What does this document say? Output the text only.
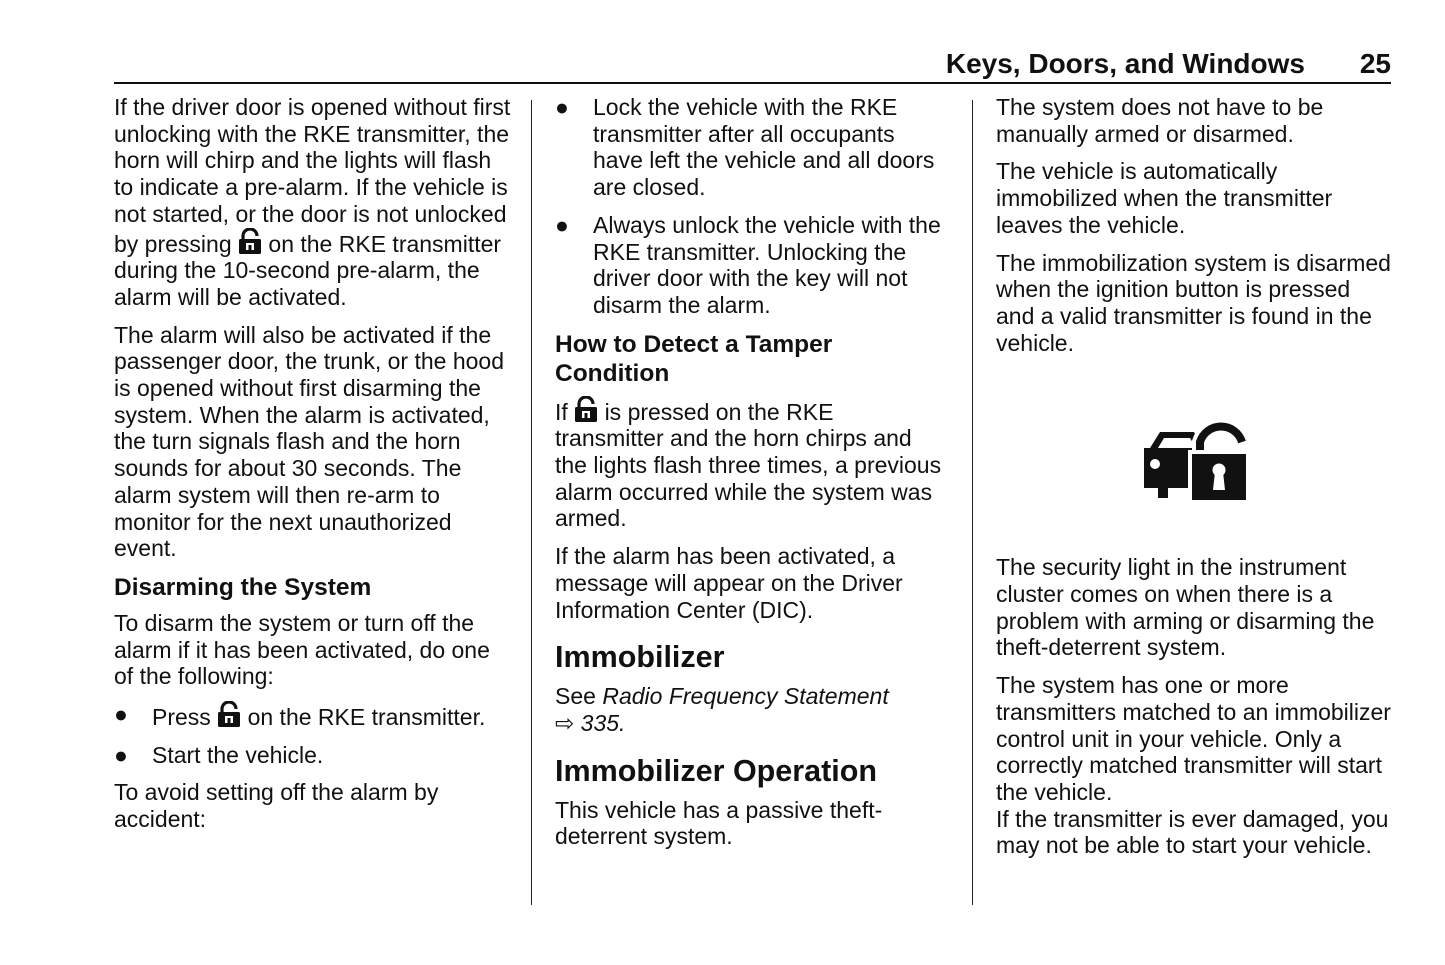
Keys, Doors, and Windows 25

If the driver door is opened without first unlocking with the RKE transmitter, the horn will chirp and the lights will flash to indicate a pre-alarm. If the vehicle is not started, or the door is not unlocked by pressing on the RKE transmitter during the 10-second pre-alarm, the alarm will be activated.

The alarm will also be activated if the passenger door, the trunk, or the hood is opened without first disarming the system. When the alarm is activated, the turn signals flash and the horn sounds for about 30 seconds. The alarm system will then re-arm to monitor for the next unauthorized event.

Disarming the System

To disarm the system or turn off the alarm if it has been activated, do one of the following:

● Press on the RKE transmitter.
● Start the vehicle.

To avoid setting off the alarm by accident:

● Lock the vehicle with the RKE transmitter after all occupants have left the vehicle and all doors are closed.
● Always unlock the vehicle with the RKE transmitter. Unlocking the driver door with the key will not disarm the alarm.
How to Detect a Tamper Condition

If is pressed on the RKE transmitter and the horn chirps and the lights flash three times, a previous alarm occurred while the system was armed.

If the alarm has been activated, a message will appear on the Driver Information Center (DIC).

Immobilizer

See Radio Frequency Statement
⇨ 335.

Immobilizer Operation

This vehicle has a passive theft-deterrent system.

The system does not have to be manually armed or disarmed.

The vehicle is automatically immobilized when the transmitter leaves the vehicle.

The immobilization system is disarmed when the ignition button is pressed and a valid transmitter is found in the vehicle.

The security light in the instrument cluster comes on when there is a problem with arming or disarming the theft-deterrent system.

The system has one or more transmitters matched to an immobilizer control unit in your vehicle. Only a correctly matched transmitter will start the vehicle.

If the transmitter is ever damaged, you may not be able to start your vehicle.
